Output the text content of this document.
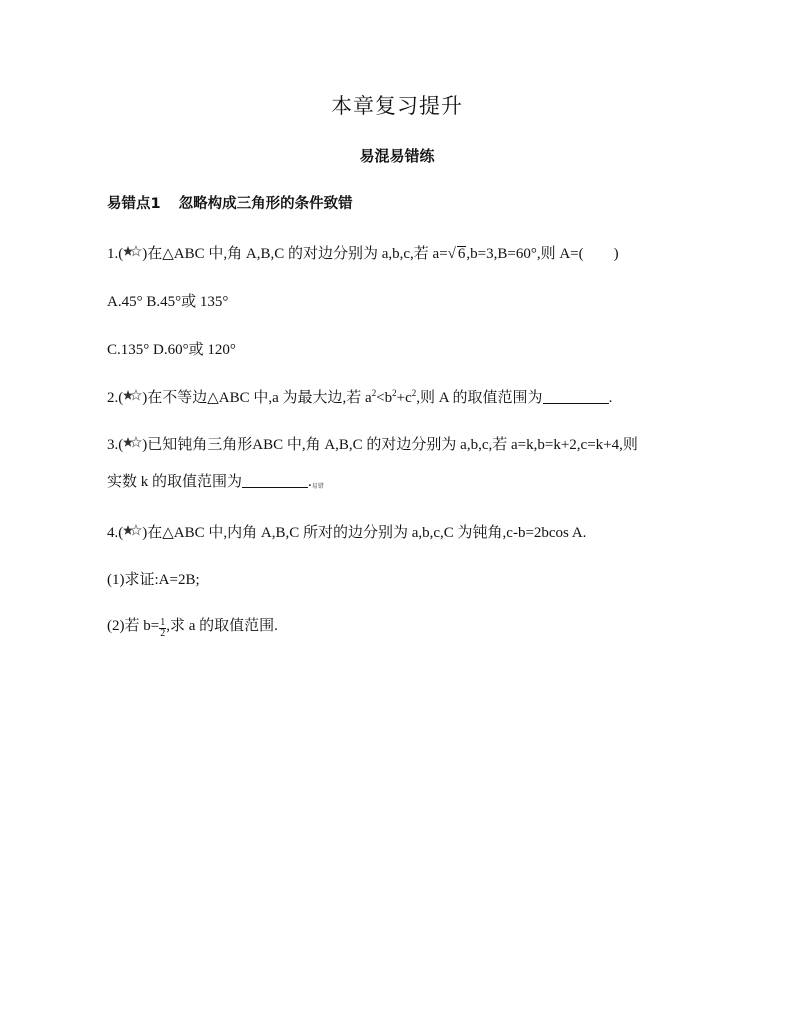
本章复习提升
易混易错练
易错点1 忽略构成三角形的条件致错
1.( )在△ABC 中,角 A,B,C 的对边分别为 a,b,c,若 a=√ 6,b=3,B=60°,则 A=(　　)
A.45° B.45°或 135°
C.135° D.60°或 120°
2.( )在不等边△ABC 中,a 为最大边,若 $a^2<b^2+c^2$,则 A 的取值范围为	.
3.( )已知钝角三角形ABC 中,角 A,B,C 的对边分别为 a,b,c,若 a=k,b=k+2,c=k+4,则
实数 k 的取值范围为	.易错
4.( )在△ABC 中,内角 A,B,C 所对的边分别为 a,b,c,C 为钝角,c-b=2bcos A.
(1)求证:A=2B;
(2)若 $b= \frac{1}{2}$ ,求 a 的取值范围.
